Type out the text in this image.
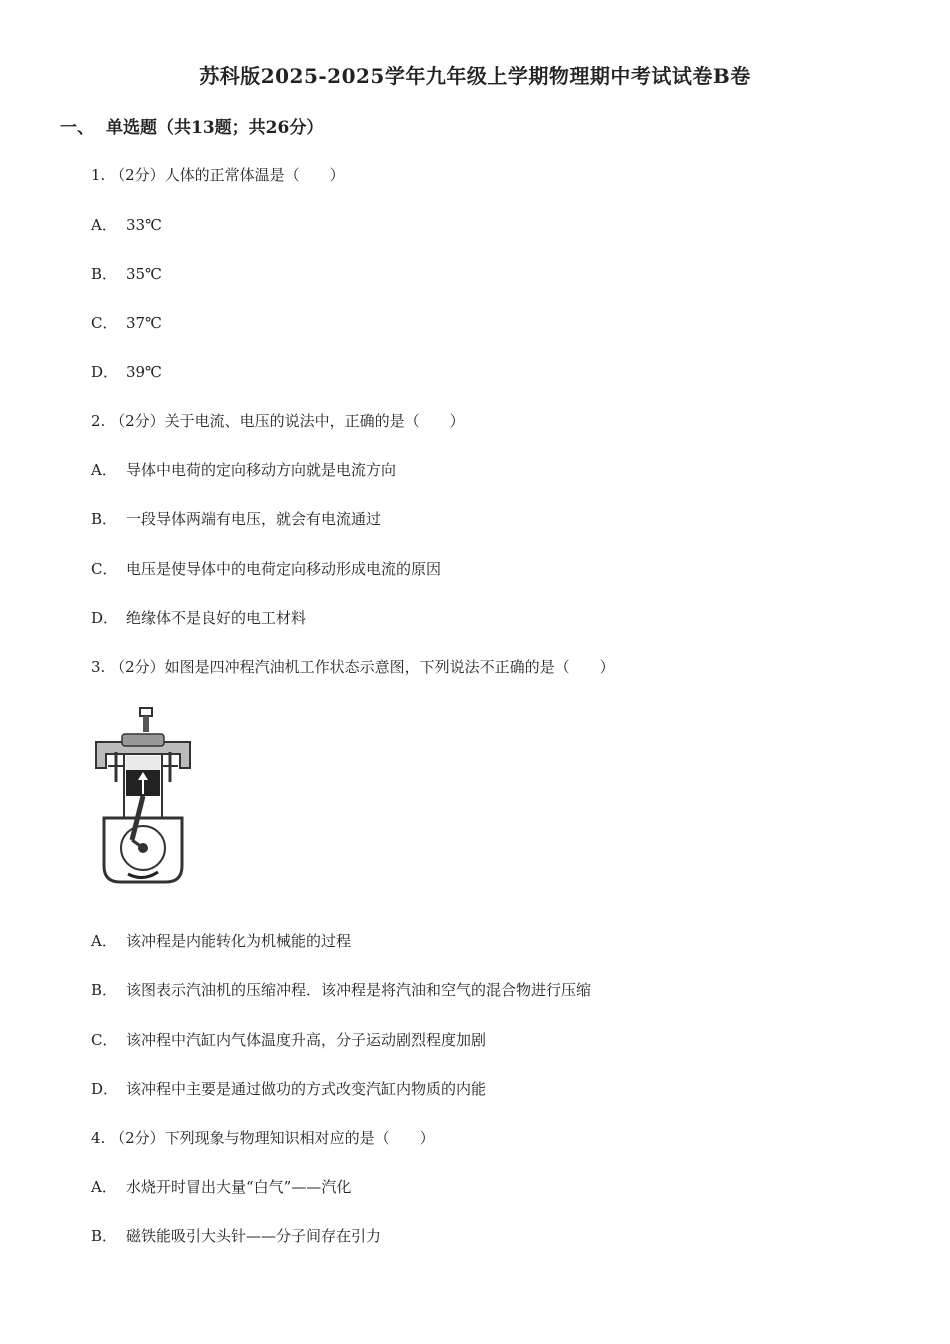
苏科版2025-2025学年九年级上学期物理期中考试试卷B卷
一、 单选题（共13题；共26分）
1. （2分）人体的正常体温是（　　）
A． 33℃
B． 35℃
C． 37℃
D． 39℃
2. （2分）关于电流、电压的说法中，正确的是（　　）
A． 导体中电荷的定向移动方向就是电流方向
B． 一段导体两端有电压，就会有电流通过
C． 电压是使导体中的电荷定向移动形成电流的原因
D． 绝缘体不是良好的电工材料
3. （2分）如图是四冲程汽油机工作状态示意图，下列说法不正确的是（　　）
A． 该冲程是内能转化为机械能的过程
B． 该图表示汽油机的压缩冲程．该冲程是将汽油和空气的混合物进行压缩
C． 该冲程中汽缸内气体温度升高，分子运动剧烈程度加剧
D． 该冲程中主要是通过做功的方式改变汽缸内物质的内能
4. （2分）下列现象与物理知识相对应的是（　　）
A． 水烧开时冒出大量“白气”——汽化
B． 磁铁能吸引大头针——分子间存在引力
